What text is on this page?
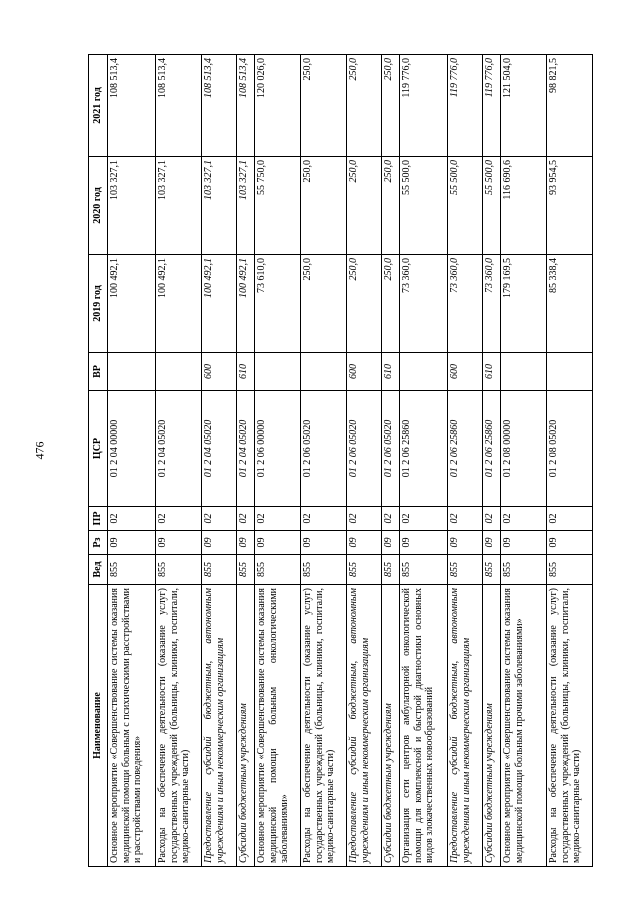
476
Наименование	Вед	Рз	ПР	ЦСР	ВР	2019 год	2020 год	2021 год
Основное мероприятие «Совершенствование системы оказания медицинской помощи больным с психическими расстройствами и расстройствами поведения»	855	09	02	01 2 04 00000		100 492,1	103 327,1	108 513,4
Расходы на обеспечение деятельности (оказание услуг) государственных учреждений (больницы, клиники, госпитали, медико-санитарные части)	855	09	02	01 2 04 05020		100 492,1	103 327,1	108 513,4
Предоставление субсидий бюджетным, автономным учреждениям и иным некоммерческим организациям	855	09	02	01 2 04 05020	600	100 492,1	103 327,1	108 513,4
Субсидии бюджетным учреждениям	855	09	02	01 2 04 05020	610	100 492,1	103 327,1	108 513,4
Основное мероприятие «Совершенствование системы оказания медицинской помощи больным онкологическими заболеваниями»	855	09	02	01 2 06 00000		73 610,0	55 750,0	120 026,0
Расходы на обеспечение деятельности (оказание услуг) государственных учреждений (больницы, клиники, госпитали, медико-санитарные части)	855	09	02	01 2 06 05020		250,0	250,0	250,0
Предоставление субсидий бюджетным, автономным учреждениям и иным некоммерческим организациям	855	09	02	01 2 06 05020	600	250,0	250,0	250,0
Субсидии бюджетным учреждениям	855	09	02	01 2 06 05020	610	250,0	250,0	250,0
Организация сети центров амбулаторной онкологической помощи для комплексной и быстрой диагностики основных видов злокачественных новообразований	855	09	02	01 2 06 25860		73 360,0	55 500,0	119 776,0
Предоставление субсидий бюджетным, автономным учреждениям и иным некоммерческим организациям	855	09	02	01 2 06 25860	600	73 360,0	55 500,0	119 776,0
Субсидии бюджетным учреждениям	855	09	02	01 2 06 25860	610	73 360,0	55 500,0	119 776,0
Основное мероприятие «Совершенствование системы оказания медицинской помощи больным прочими заболеваниями»	855	09	02	01 2 08 00000		179 169,5	116 690,6	121 504,0
Расходы на обеспечение деятельности (оказание услуг) государственных учреждений (больницы, клиники, госпитали, медико-санитарные части)	855	09	02	01 2 08 05020		85 338,4	93 954,5	98 821,5
